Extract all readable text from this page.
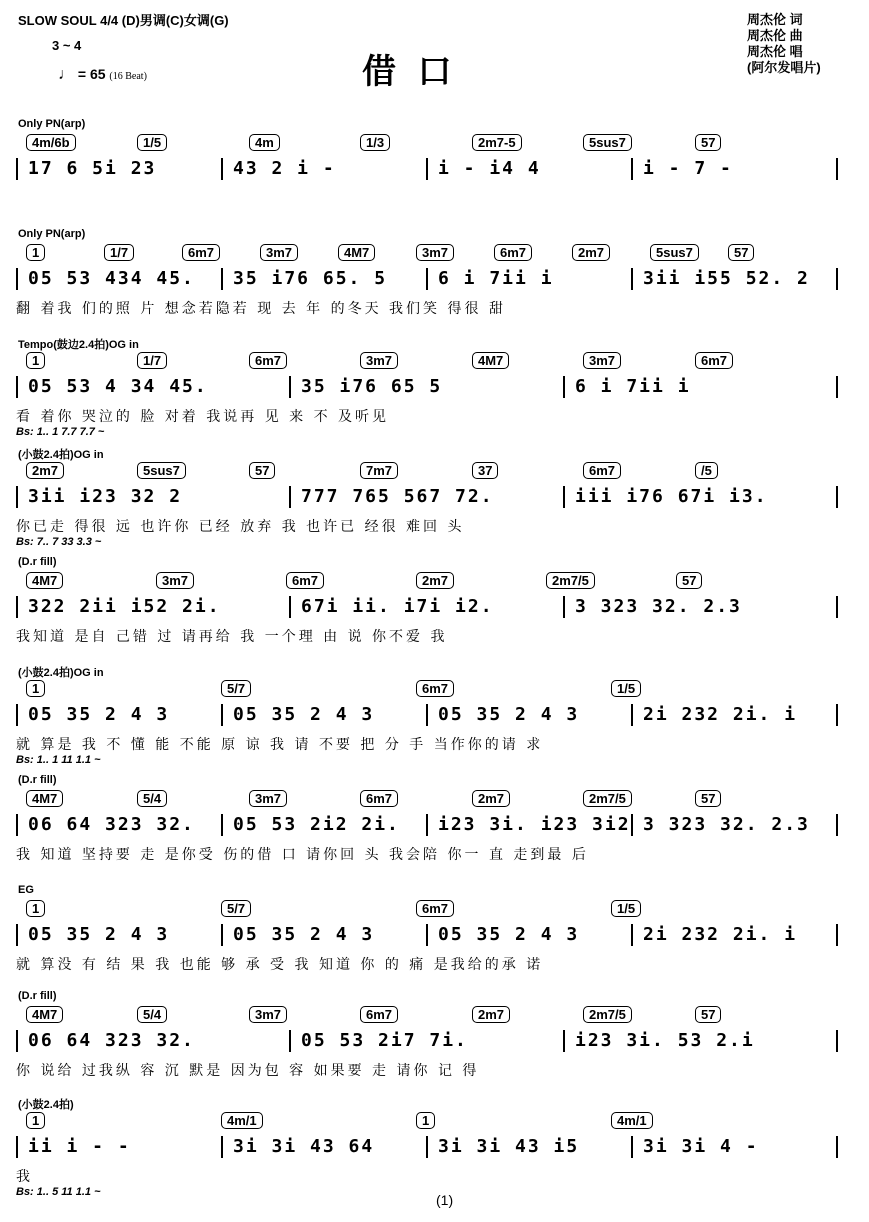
SLOW SOUL 4/4 (D)男调(C)女调(G)
3 ~ 4
♩ = 65 (16 Beat)	借 口
周杰伦 词
周杰伦 曲
周杰伦 唱
(阿尔发唱片)
Only PN(arp)
4m/6b	1/5	4m	1/3	2m7-5	5sus7	57
17 6 5i 23	43 2 i -	i - i4 4	i - 7 -
Only PN(arp)
1	1/7	6m7	3m7	4M7	3m7	6m7	2m7	5sus7	57
05 53 434 45. 35 i76 65. 5	6 i 7ii i	3ii i55 52. 2
翻 着我 们的照 片 想念若隐若 现 去 年 的冬天 我们笑 得很 甜
Tempo(鼓边2.4拍)OG in
1	1/7	6m7	3m7	4M7	3m7	6m7
05 53 4 34 45.	35 i76 65 5	6 i 7ii i
看 着你 哭泣的 脸 对着 我说再 见 来 不 及听见
Bs: 1.. 1 7.7 7.7 ~
(小鼓2.4拍)OG in
2m7	5sus7	57	7m7	37	6m7	/5
3ii i23 32 2	777 765 567 72.	iii i76 67i i3.
你已走 得很 远 也许你 已经 放弃 我 也许已 经很 难回 头
Bs: 7.. 7 33 3.3 ~
(D.r fill)
4M7	3m7	6m7	2m7	2m7/5	57
322 2ii i52 2i.	67i ii. i7i i2.	3 323 32. 2.3
我知道 是自 己错 过 请再给 我 一个理 由 说 你不爱 我
(小鼓2.4拍)OG in
1	5/7	6m7	1/5
05 35 2 4 3	05 35 2 4 3	05 35 2 4 3	2i 232 2i. i
就 算是 我 不 懂 能 不能 原 谅 我 请 不要 把 分 手 当作你的请 求
Bs: 1.. 1 11 1.1 ~
(D.r fill)
4M7	5/4	3m7	6m7	2m7	2m7/5	57
06 64 323 32. 05 53 2i2 2i. i23 3i. i23 3i2 3 323 32. 2.3
我 知道 坚持要 走 是你受 伤的借 口 请你回 头 我会陪 你一 直 走到最 后
EG
1	5/7	6m7	1/5
05 35 2 4 3	05 35 2 4 3	05 35 2 4 3	2i 232 2i. i
就 算没 有 结 果 我 也能 够 承 受 我 知道 你 的 痛 是我给的承 诺
(D.r fill)
4M7	5/4	3m7	6m7	2m7	2m7/5	57
06 64 323 32.	05 53 2i7 7i.	i23 3i. 53 2.i
你 说给 过我纵 容 沉 默是 因为包 容 如果要 走 请你 记 得
(小鼓2.4拍)
1	4m/1	1	4m/1
ii i - -	3i 3i 43 64	3i 3i 43 i5	3i 3i 4 -
我
Bs: 1.. 5 11 1.1 ~	(1)
